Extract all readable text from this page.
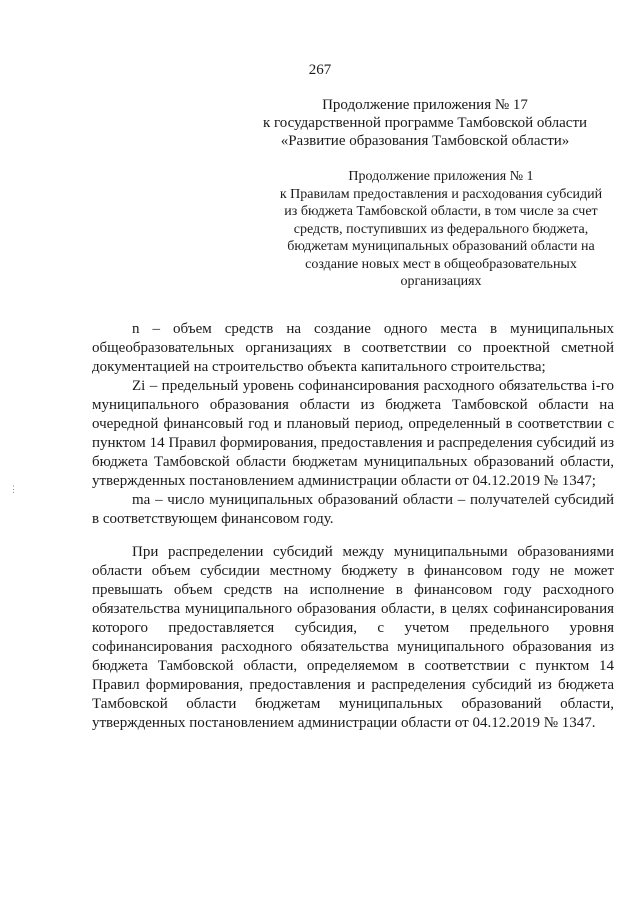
267
Продолжение приложения № 17
к государственной программе Тамбовской области
«Развитие образования Тамбовской области»
Продолжение приложения № 1
к Правилам предоставления и расходования субсидий
из бюджета Тамбовской области, в том числе за счет
средств, поступивших из федерального бюджета,
бюджетам муниципальных образований области на
создание новых мест в общеобразовательных
организациях

n – объем средств на создание одного места в муниципальных общеобразовательных организациях в соответствии со проектной сметной документацией на строительство объекта капитального строительства;

Zi – предельный уровень софинансирования расходного обязательства i-го муниципального образования области из бюджета Тамбовской области на очередной финансовый год и плановый период, определенный в соответствии с пунктом 14 Правил формирования, предоставления и распределения субсидий из бюджета Тамбовской области бюджетам муниципальных образований области, утвержденных постановлением администрации области от 04.12.2019 № 1347;

ma – число муниципальных образований области – получателей субсидий в соответствующем финансовом году.

При распределении субсидий между муниципальными образованиями области объем субсидии местному бюджету в финансовом году не может превышать объем средств на исполнение в финансовом году расходного обязательства муниципального образования области, в целях софинансирования которого предоставляется субсидия, с учетом предельного уровня софинансирования расходного обязательства муниципального образования из бюджета Тамбовской области, определяемом в соответствии с пунктом 14 Правил формирования, предоставления и распределения субсидий из бюджета Тамбовской области бюджетам муниципальных образований области, утвержденных постановлением администрации области от 04.12.2019 № 1347.

⋮
